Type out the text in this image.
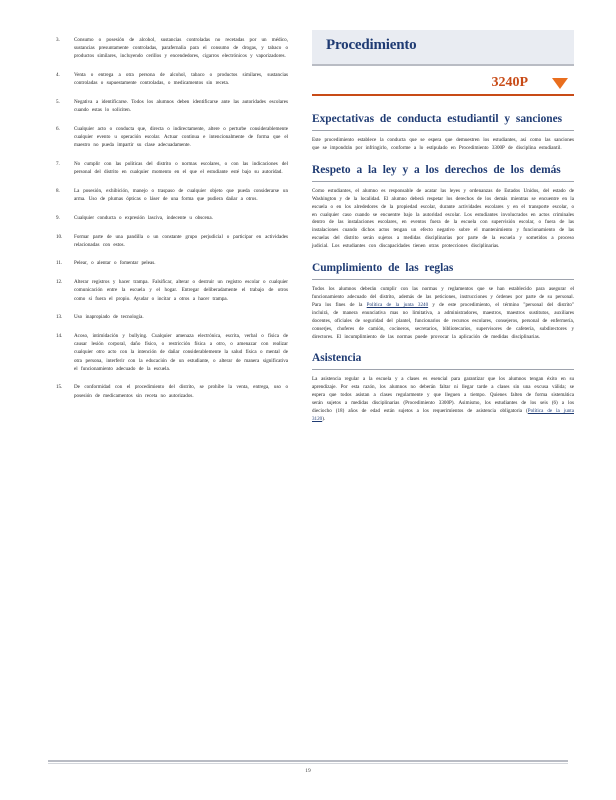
3.	Consumo o posesión de alcohol, sustancias controladas no recetadas por un médico, sustancias presuntamente controladas, parafernalia para el consumo de drogas, y tabaco o productos similares, incluyendo cerillos y encendedores, cigarros electrónicos y vaporizadores.
4.	Venta o entrega a otra persona de alcohol, tabaco o productos similares, sustancias controladas o supuestamente controladas, o medicamentos sin receta.
5.	Negativa a identificarse. Todos los alumnos deben identificarse ante las autoridades escolares cuando estas lo soliciten.
6.	Cualquier acto o conducta que, directa o indirectamente, altere o perturbe considerablemente cualquier evento u operación escolar. Actuar continua e intencionalmente de forma que el maestro no pueda impartir su clase adecuadamente.
7.	No cumplir con las políticas del distrito o normas escolares, o con las indicaciones del personal del distrito en cualquier momento en el que el estudiante esté bajo su autoridad.
8.	La posesión, exhibición, manejo o traspaso de cualquier objeto que pueda considerarse un arma. Uso de plumas ópticas o láser de una forma que pudiera dañar a otros.
9.	Cualquier conducta o expresión lasciva, indecente u obscena.
10.	Formar parte de una pandilla o un constante grupo perjudicial o participar en actividades relacionadas con estos.
11.	Pelear, o alentar o fomentar peleas.
12.	Alterar registros y hacer trampa. Falsificar, alterar o destruir un registro escolar o cualquier comunicación entre la escuela y el hogar. Entregar deliberadamente el trabajo de otros como si fuera el propio. Ayudar o incitar a otros a hacer trampa.
13.	Uso inapropiado de tecnología.
14.	Acoso, intimidación y bullying. Cualquier amenaza electrónica, escrita, verbal o física de causar lesión corporal, daño físico, o restricción física a otro, o amenazar con realizar cualquier otro acto con la intención de dañar considerablemente la salud física o mental de otra persona, interferir con la educación de un estudiante, o alterar de manera significativa el funcionamiento adecuado de la escuela.
15.	De conformidad con el procedimiento del distrito, se prohíbe la venta, entrega, uso o posesión de medicamentos sin receta no autorizados.
Procedimiento
3240P
Expectativas de conducta estudiantil y sanciones

Este procedimiento establece la conducta que se espera que demuestren los estudiantes, así como las sanciones que se impondrán por infringirlo, conforme a lo estipulado en Procedimiento 3300P de disciplina estudiantil.

Respeto a la ley y a los derechos de los demás

Como estudiantes, el alumno es responsable de acatar las leyes y ordenanzas de Estados Unidos, del estado de Washington y de la localidad. El alumno deberá respetar los derechos de los demás mientras se encuentre en la escuela o en los alrededores de la propiedad escolar, durante actividades escolares y en el transporte escolar, o en cualquier caso cuando se encuentre bajo la autoridad escolar. Los estudiantes involucrados en actos criminales dentro de las instalaciones escolares, en eventos fuera de la escuela con supervisión escolar, o fuera de las instalaciones cuando dichos actos tengan un efecto negativo sobre el mantenimiento y funcionamiento de las escuelas del distrito serán sujetos a medidas disciplinarias por parte de la escuela y sometidos a proceso judicial. Los estudiantes con discapacidades tienen otras protecciones disciplinarias.

Cumplimiento de las reglas

Todos los alumnos deberán cumplir con las normas y reglamentos que se han establecido para asegurar el funcionamiento adecuado del distrito, además de las peticiones, instrucciones y órdenes por parte de su personal. Para los fines de la Política de la junta 3240 y de este procedimiento, el término "personal del distrito" incluirá, de manera enunciativa mas no limitativa, a administradores, maestros, maestros sustitutos, auxiliares docentes, oficiales de seguridad del plantel, funcionarios de recursos escolares, consejeros, personal de enfermería, conserjes, choferes de camión, cocineros, secretarios, bibliotecarios, supervisores de cafetería, subdirectores y directores. El incumplimiento de las normas puede provocar la aplicación de medidas disciplinarias.

Asistencia

La asistencia regular a la escuela y a clases es esencial para garantizar que los alumnos tengan éxito en su aprendizaje. Por esta razón, los alumnos no deberán faltar ni llegar tarde a clases sin una excusa válida; se espera que todos asistan a clases regularmente y que lleguen a tiempo. Quienes falten de forma sistemática serán sujetos a medidas disciplinarias (Procedimiento 3300P). Asimismo, los estudiantes de los seis (6) a los dieciocho (18) años de edad están sujetos a los requerimientos de asistencia obligatoria (Política de la junta 3120).

19
